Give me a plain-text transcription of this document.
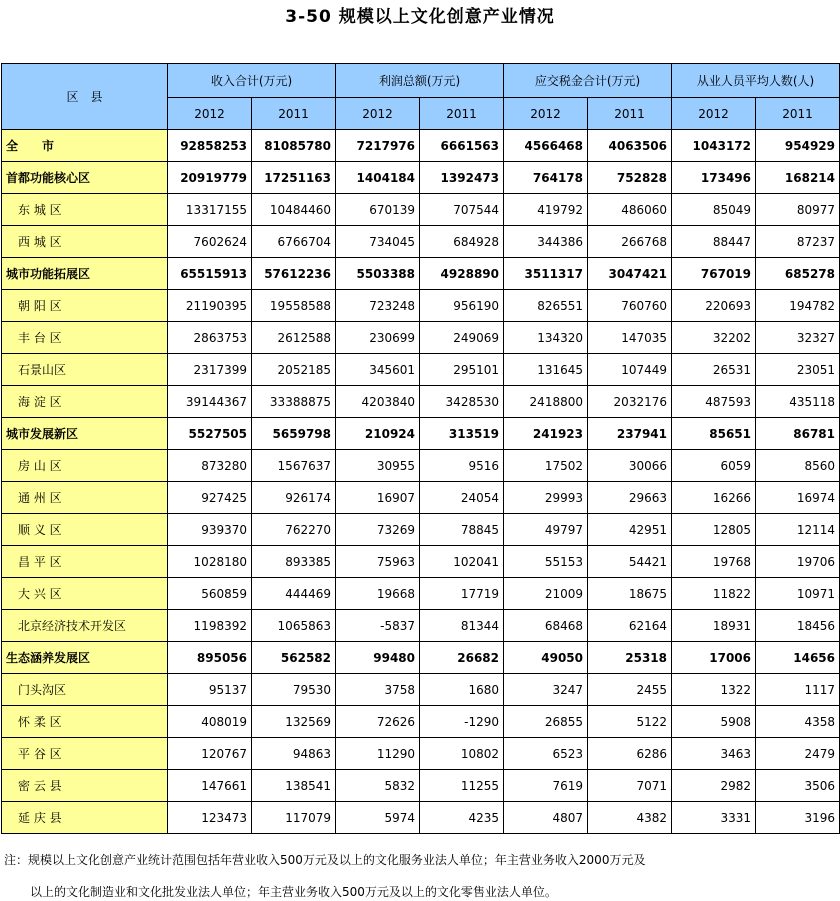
3-50 规模以上文化创意产业情况
区　县	收入合计(万元)		利润总额(万元)		应交税金合计(万元)		从业人员平均人数(人)	
	2012	2011	2012	2011	2012	2011	2012	2011
全　　市	92858253	81085780	7217976	6661563	4566468	4063506	1043172	954929
首都功能核心区	20919779	17251163	1404184	1392473	764178	752828	173496	168214
东 城 区	13317155	10484460	670139	707544	419792	486060	85049	80977
西 城 区	7602624	6766704	734045	684928	344386	266768	88447	87237
城市功能拓展区	65515913	57612236	5503388	4928890	3511317	3047421	767019	685278
朝 阳 区	21190395	19558588	723248	956190	826551	760760	220693	194782
丰 台 区	2863753	2612588	230699	249069	134320	147035	32202	32327
石景山区	2317399	2052185	345601	295101	131645	107449	26531	23051
海 淀 区	39144367	33388875	4203840	3428530	2418800	2032176	487593	435118
城市发展新区	5527505	5659798	210924	313519	241923	237941	85651	86781
房 山 区	873280	1567637	30955	9516	17502	30066	6059	8560
通 州 区	927425	926174	16907	24054	29993	29663	16266	16974
顺 义 区	939370	762270	73269	78845	49797	42951	12805	12114
昌 平 区	1028180	893385	75963	102041	55153	54421	19768	19706
大 兴 区	560859	444469	19668	17719	21009	18675	11822	10971
北京经济技术开发区	1198392	1065863	-5837	81344	68468	62164	18931	18456
生态涵养发展区	895056	562582	99480	26682	49050	25318	17006	14656
门头沟区	95137	79530	3758	1680	3247	2455	1322	1117
怀 柔 区	408019	132569	72626	-1290	26855	5122	5908	4358
平 谷 区	120767	94863	11290	10802	6523	6286	3463	2479
密 云 县	147661	138541	5832	11255	7619	7071	2982	3506
延 庆 县	123473	117079	5974	4235	4807	4382	3331	3196
注：规模以上文化创意产业统计范围包括年营业收入500万元及以上的文化服务业法人单位；年主营业务收入2000万元及
以上的文化制造业和文化批发业法人单位；年主营业务收入500万元及以上的文化零售业法人单位。
